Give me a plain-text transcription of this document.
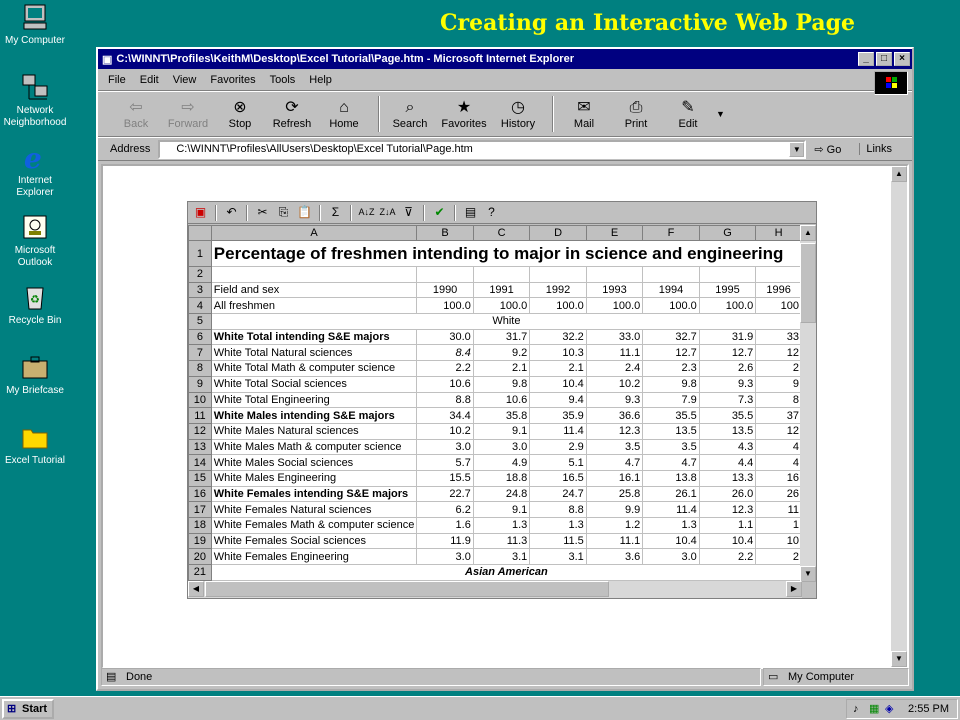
My Computer
Network Neighborhood
e
Internet Explorer
Microsoft Outlook
♻
Recycle Bin
My Briefcase
Excel Tutorial
Creating an Interactive Web Page
▣ C:\WINNT\Profiles\KeithM\Desktop\Excel Tutorial\Page.htm - Microsoft Internet Explorer	_	□	×
File Edit View Favorites Tools Help
⇦
Back
⇨
Forward
⊗
Stop
⟳
Refresh
⌂
Home
⌕
Search
★
Favorites
◷
History
✉
Mail
⎙
Print
✎
Edit
▼
Address	C:\WINNT\Profiles\AllUsers\Desktop\Excel Tutorial\Page.htm	▼	⇨ Go	Links
▲
▼
▣	↶	✂ ⎘ 📋	Σ	A↓Z Z↓A ⊽	✔	▤ ?
	A	B	C	D	E	F	G	H
1	Percentage of freshmen intending to major in science and engineering							
2								
3	Field and sex	1990	1991	1992	1993	1994	1995	1996
4	All freshmen	100.0	100.0	100.0	100.0	100.0	100.0	100
5	White							
6	White Total intending S&E majors	30.0	31.7	32.2	33.0	32.7	31.9	33
7	White Total Natural sciences	8.4	9.2	10.3	11.1	12.7	12.7	12
8	White Total Math & computer science	2.2	2.1	2.1	2.4	2.3	2.6	2
9	White Total Social sciences	10.6	9.8	10.4	10.2	9.8	9.3	9
10	White Total Engineering	8.8	10.6	9.4	9.3	7.9	7.3	8
11	White Males intending S&E majors	34.4	35.8	35.9	36.6	35.5	35.5	37
12	White Males Natural sciences	10.2	9.1	11.4	12.3	13.5	13.5	12
13	White Males Math & computer science	3.0	3.0	2.9	3.5	3.5	4.3	4
14	White Males Social sciences	5.7	4.9	5.1	4.7	4.7	4.4	4
15	White Males Engineering	15.5	18.8	16.5	16.1	13.8	13.3	16
16	White Females intending S&E majors	22.7	24.8	24.7	25.8	26.1	26.0	26
17	White Females Natural sciences	6.2	9.1	8.8	9.9	11.4	12.3	11
18	White Females Math & computer science	1.6	1.3	1.3	1.2	1.3	1.1	1
19	White Females Social sciences	11.9	11.3	11.5	11.1	10.4	10.4	10
20	White Females Engineering	3.0	3.1	3.1	3.6	3.0	2.2	2
21	Asian American							
▲
▼
◀	▶
▤ Done	▭ My Computer
⊞ Start	♪ ▦ ◈ 2:55 PM
